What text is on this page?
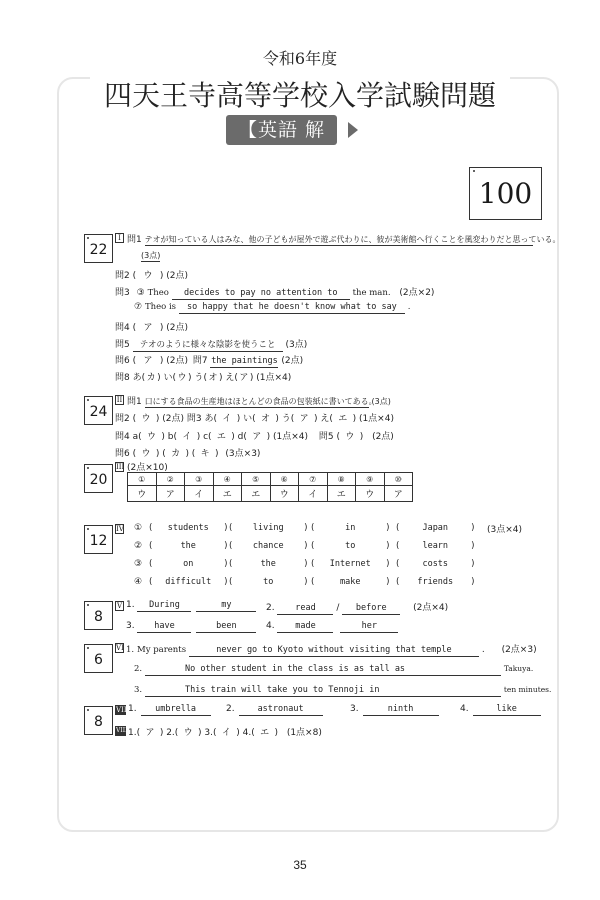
令和6年度
四天王寺高等学校入学試験問題
【英語 解答】
100
22
I 問1 テオが知っている人はみな、他の子どもが屋外で遊ぶ代わりに、彼が美術館へ行くことを風変わりだと思っている。
(3点)
問2 ( ウ ) (2点)
問3 ③ Theo decides to pay no attention to the man. (2点×2)
⑦ Theo is so happy that he doesn't know what to say .
問4 ( ア ) (2点)
問5 テオのように様々な陰影を使うこと (3点)
問6 ( ア ) (2点) 問7 the paintings (2点)
問8 あ(カ ) い(ウ ) う(オ ) え(ア ) (1点×4)
24
II 問1 口にする食品の生産地はほとんどの食品の包装紙に書いてある。 (3点)
問2 ( ウ ) (2点) 問3 あ( イ ) い( オ ) う( ア ) え( エ ) (1点×4)
問4 a( ウ ) b( イ ) c( エ ) d( ア ) (1点×4) 問5 ( ウ ) (2点)
問6 ( ウ ) ( カ ) ( キ ) (3点×3)
20
III (2点×10)
①	②	③	④	⑤	⑥	⑦	⑧	⑨	⑩
ウ	ア	イ	エ	エ	ウ	イ	エ	ウ	ア
12
IV ① ( students ) ( living ) (	in	) ( Japan )
② (	the	) ( chance ) (	to	) ( learn )
③ (	on	) (	the	) ( Internet ) ( costs )
④ ( difficult ) (	to	) ( make ) ( friends )
(3点×4)
8
V 1. During	my	2. read / before	(2点×4)
3. have	been	4. made	her
6
VI 1. My parents	never go to Kyoto without visiting that temple	. (2点×3)
2.	No other student in the class is as tall as	Takuya.
3.	This train will take you to Tennoji in	ten minutes.
8
VII 1. umbrella	2.	astronaut	3.	ninth	4.	like
VIII 1.( ア ) 2.( ウ ) 3.( イ ) 4.( エ ) (1点×8)
35
